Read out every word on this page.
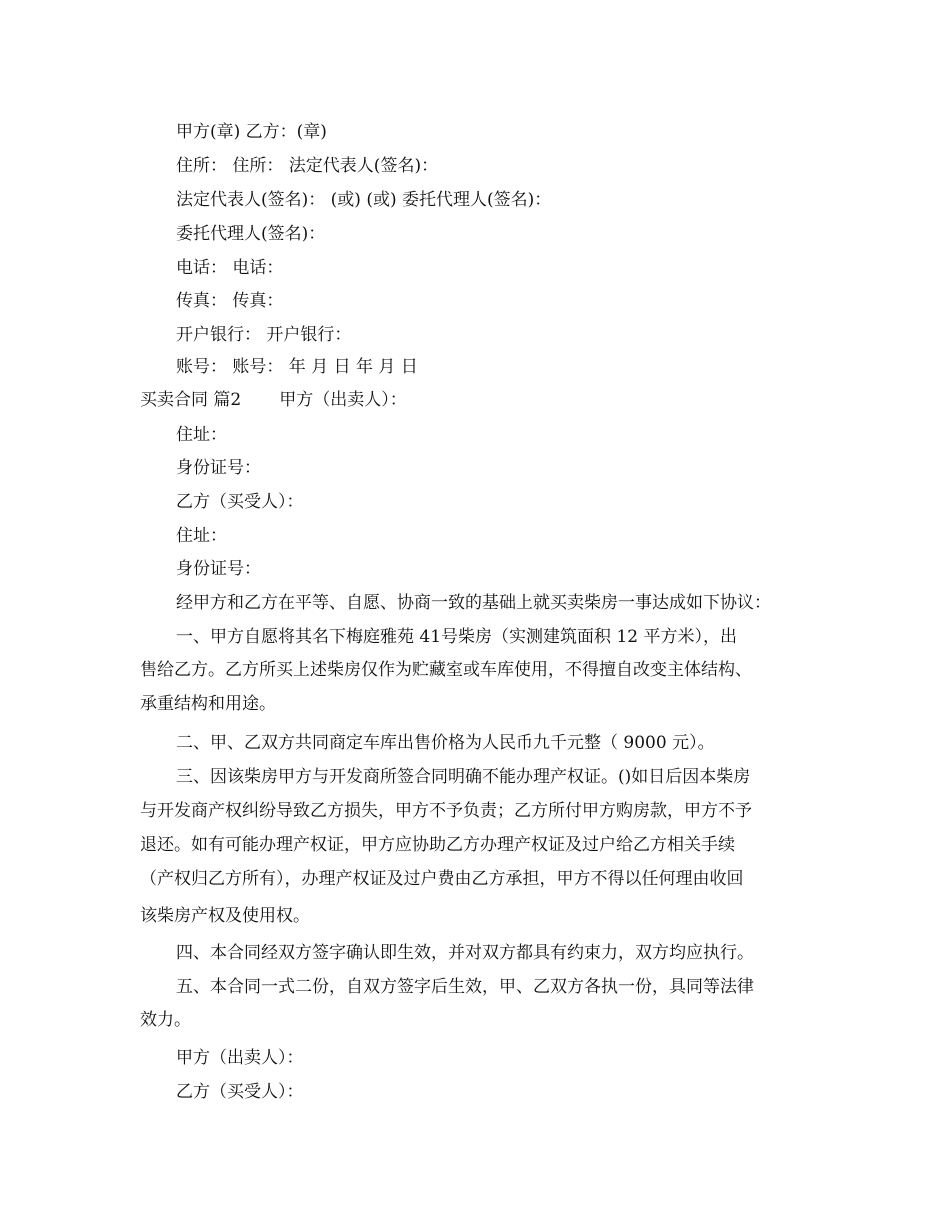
甲方(章) 乙方：(章)
住所： 住所： 法定代表人(签名)：
法定代表人(签名)： (或) (或) 委托代理人(签名)：
委托代理人(签名)：
电话： 电话：
传真： 传真：
开户银行： 开户银行：
账号： 账号： 年 月 日 年 月 日
买卖合同 篇2 甲方（出卖人）：
住址：
身份证号：
乙方（买受人）：
住址：
身份证号：
经甲方和乙方在平等、自愿、协商一致的基础上就买卖柴房一事达成如下协议：
一、甲方自愿将其名下梅庭雅苑 41号柴房（实测建筑面积 12 平方米），出
售给乙方。乙方所买上述柴房仅作为贮藏室或车库使用，不得擅自改变主体结构、
承重结构和用途。
二、甲、乙双方共同商定车库出售价格为人民币九千元整（ 9000 元）。
三、因该柴房甲方与开发商所签合同明确不能办理产权证。()如日后因本柴房
与开发商产权纠纷导致乙方损失，甲方不予负责；乙方所付甲方购房款，甲方不予
退还。如有可能办理产权证，甲方应协助乙方办理产权证及过户给乙方相关手续
（产权归乙方所有），办理产权证及过户费由乙方承担，甲方不得以任何理由收回
该柴房产权及使用权。
四、本合同经双方签字确认即生效，并对双方都具有约束力，双方均应执行。
五、本合同一式二份，自双方签字后生效，甲、乙双方各执一份，具同等法律
效力。
甲方（出卖人）：
乙方（买受人）：
